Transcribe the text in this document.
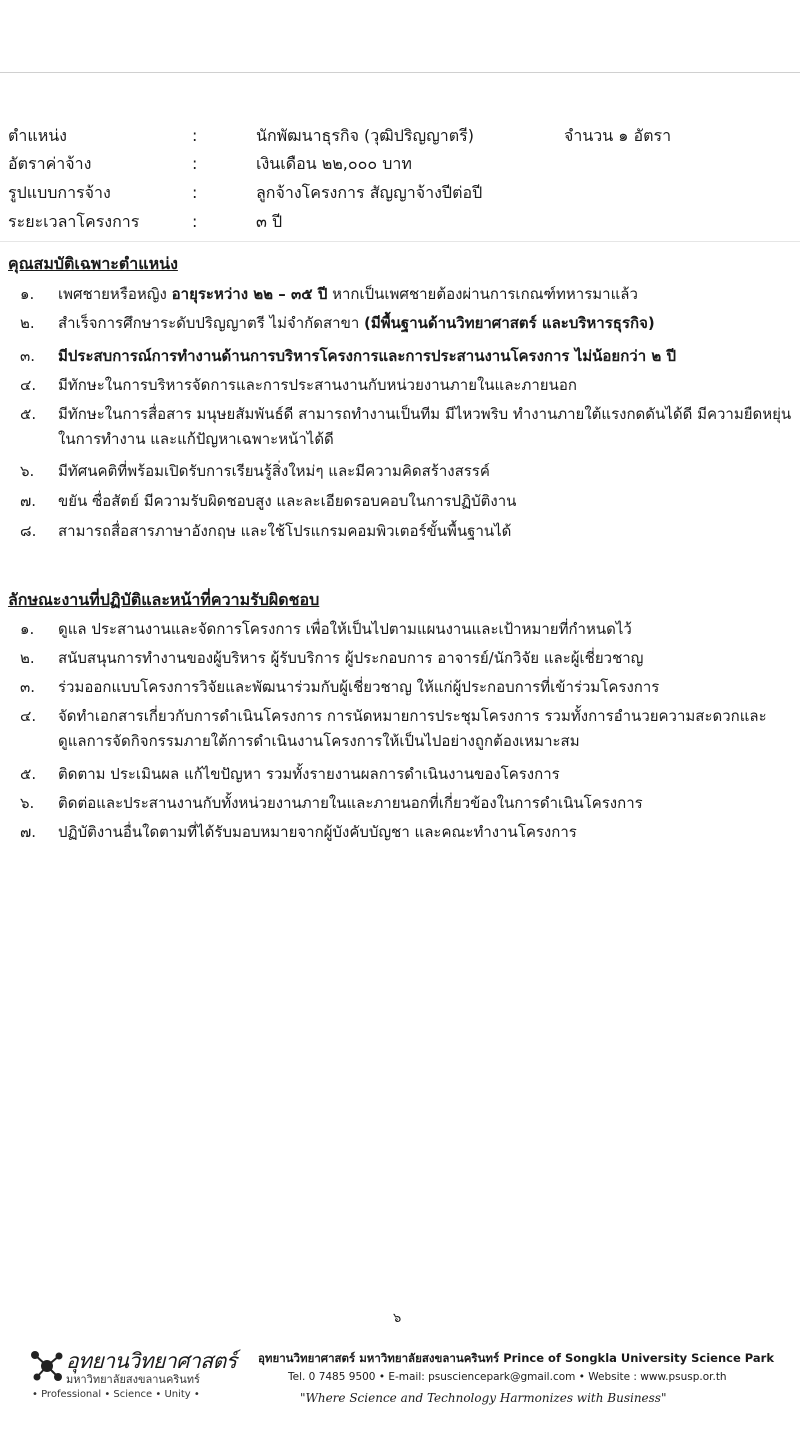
ตำแหน่ง	:	นักพัฒนาธุรกิจ (วุฒิปริญญาตรี)	จำนวน ๑ อัตรา
อัตราค่าจ้าง	:	เงินเดือน ๒๒,๐๐๐ บาท
รูปแบบการจ้าง	:	ลูกจ้างโครงการ สัญญาจ้างปีต่อปี
ระยะเวลาโครงการ	:	๓ ปี
คุณสมบัติเฉพาะตำแหน่ง
๑. เพศชายหรือหญิง อายุระหว่าง ๒๒ – ๓๕ ปี หากเป็นเพศชายต้องผ่านการเกณฑ์ทหารมาแล้ว
๒. สำเร็จการศึกษาระดับปริญญาตรี ไม่จำกัดสาขา (มีพื้นฐานด้านวิทยาศาสตร์ และบริหารธุรกิจ)
๓. มีประสบการณ์การทำงานด้านการบริหารโครงการและการประสานงานโครงการ ไม่น้อยกว่า ๒ ปี
๔. มีทักษะในการบริหารจัดการและการประสานงานกับหน่วยงานภายในและภายนอก
๕. มีทักษะในการสื่อสาร มนุษยสัมพันธ์ดี สามารถทำงานเป็นทีม มีไหวพริบ ทำงานภายใต้แรงกดดันได้ดี มีความยืดหยุ่นในการทำงาน และแก้ปัญหาเฉพาะหน้าได้ดี
๖. มีทัศนคติที่พร้อมเปิดรับการเรียนรู้สิ่งใหม่ๆ และมีความคิดสร้างสรรค์
๗. ขยัน ซื่อสัตย์ มีความรับผิดชอบสูง และละเอียดรอบคอบในการปฏิบัติงาน
๘. สามารถสื่อสารภาษาอังกฤษ และใช้โปรแกรมคอมพิวเตอร์ขั้นพื้นฐานได้
ลักษณะงานที่ปฏิบัติและหน้าที่ความรับผิดชอบ
๑. ดูแล ประสานงานและจัดการโครงการ เพื่อให้เป็นไปตามแผนงานและเป้าหมายที่กำหนดไว้
๒. สนับสนุนการทำงานของผู้บริหาร ผู้รับบริการ ผู้ประกอบการ อาจารย์/นักวิจัย และผู้เชี่ยวชาญ
๓. ร่วมออกแบบโครงการวิจัยและพัฒนาร่วมกับผู้เชี่ยวชาญ ให้แก่ผู้ประกอบการที่เข้าร่วมโครงการ
๔. จัดทำเอกสารเกี่ยวกับการดำเนินโครงการ การนัดหมายการประชุมโครงการ รวมทั้งการอำนวยความสะดวกและดูแลการจัดกิจกรรมภายใต้การดำเนินงานโครงการให้เป็นไปอย่างถูกต้องเหมาะสม
๕. ติดตาม ประเมินผล แก้ไขปัญหา รวมทั้งรายงานผลการดำเนินงานของโครงการ
๖. ติดต่อและประสานงานกับทั้งหน่วยงานภายในและภายนอกที่เกี่ยวข้องในการดำเนินโครงการ
๗. ปฏิบัติงานอื่นใดตามที่ได้รับมอบหมายจากผู้บังคับบัญชา และคณะทำงานโครงการ
๖
อุทยานวิทยาศาสตร์
มหาวิทยาลัยสงขลานครินทร์
• Professional • Science • Unity •
อุทยานวิทยาศาสตร์ มหาวิทยาลัยสงขลานครินทร์ Prince of Songkla University Science Park
Tel. 0 7485 9500 • E-mail: psusciencepark@gmail.com • Website : www.psusp.or.th
"Where Science and Technology Harmonizes with Business"
